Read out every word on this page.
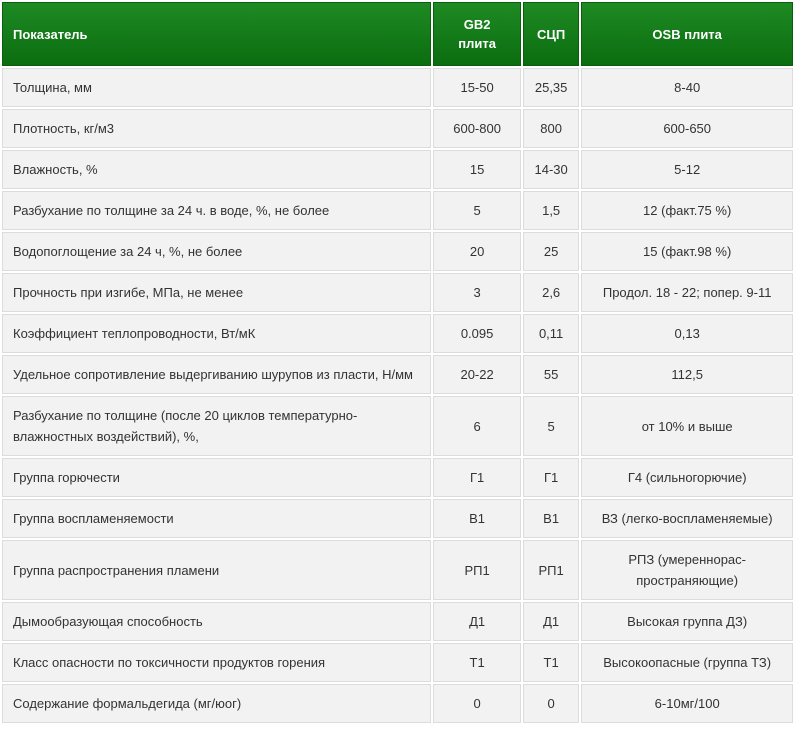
Показатель	GB2 плита	СЦП	OSB плита
Толщина, мм	15-50	25,35	8-40
Плотность, кг/м3	600-800	800	600-650
Влажность, %	15	14-30	5-12
Разбухание по толщине за 24 ч. в воде, %, не более	5	1,5	12 (факт.75 %)
Водопоглощение за 24 ч, %, не более	20	25	15 (факт.98 %)
Прочность при изгибе, МПа, не менее	3	2,6	Продол. 18 - 22; попер. 9-11
Коэффициент теплопроводности, Вт/мК	0.095	0,11	0,13
Удельное сопротивление выдергиванию шурупов из пласти, Н/мм	20-22	55	112,5
Разбухание по толщине (после 20 циклов температурно-влажностных воздействий), %,	6	5	от 10% и выше
Группа горючести	Г1	Г1	Г4 (сильногорючие)
Группа воспламеняемости	В1	В1	ВЗ (легко-воспламеняемые)
Группа распространения пламени	РП1	РП1	РПЗ (умереннорас-пространяющие)
Дымообразующая способность	Д1	Д1	Высокая группа ДЗ)
Класс опасности по токсичности продуктов горения	Т1	Т1	Высокоопасные (группа ТЗ)
Содержание формальдегида (мг/юог)	0	0	6-10мг/100
